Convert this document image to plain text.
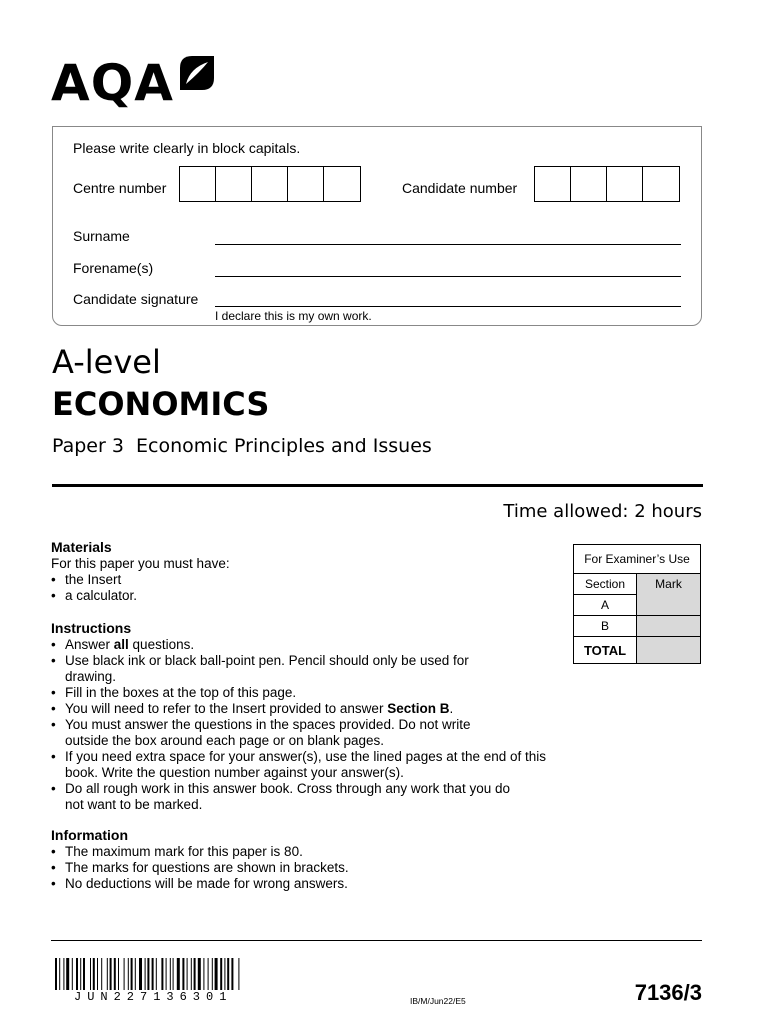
AQA
Please write clearly in block capitals.
Centre number	Candidate number
Surname
Forename(s)
Candidate signature
I declare this is my own work.
A-level
ECONOMICS
Paper 3  Economic Principles and Issues
Time allowed: 2 hours
For Examiner’s Use	
Section	Mark
A	
B	
TOTAL	
Materials

For this paper you must have:

• the Insert
• a calculator.
Instructions
• Answer all questions.
• Use black ink or black ball-point pen. Pencil should only be used for drawing.
• Fill in the boxes at the top of this page.
• You will need to refer to the Insert provided to answer Section B.
• You must answer the questions in the spaces provided. Do not write outside the box around each page or on blank pages.
• If you need extra space for your answer(s), use the lined pages at the end of this book. Write the question number against your answer(s).
• Do all rough work in this answer book. Cross through any work that you do not want to be marked.
Information
• The maximum mark for this paper is 80.
• The marks for questions are shown in brackets.
• No deductions will be made for wrong answers.
JUN227136301	IB/M/Jun22/E5	7136/3
